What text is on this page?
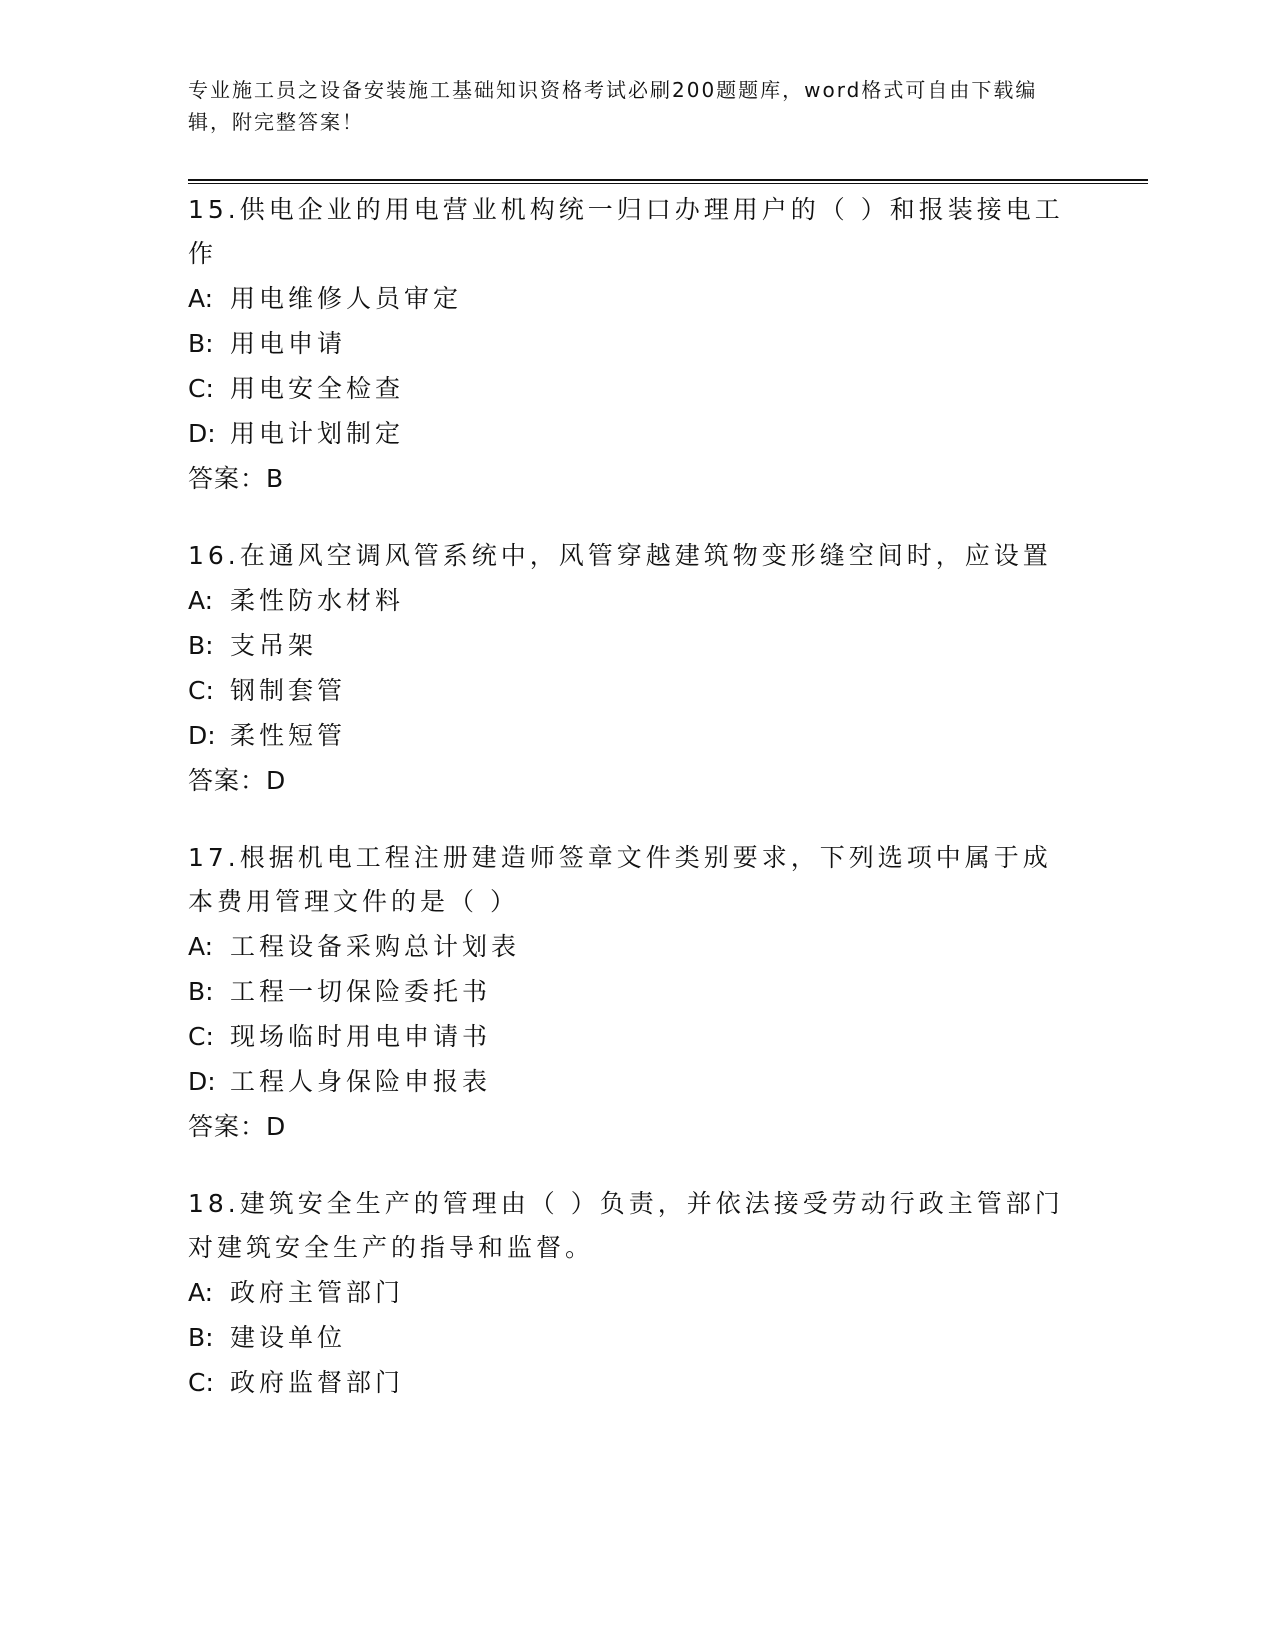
专业施工员之设备安装施工基础知识资格考试必刷200题题库，word格式可自由下载编辑，附完整答案！
15.供电企业的用电营业机构统一归口办理用户的（ ）和报装接电工作
A: 用电维修人员审定
B: 用电申请
C: 用电安全检查
D: 用电计划制定
答案：B
16.在通风空调风管系统中，风管穿越建筑物变形缝空间时，应设置
A: 柔性防水材料
B: 支吊架
C: 钢制套管
D: 柔性短管
答案：D
17.根据机电工程注册建造师签章文件类别要求，下列选项中属于成本费用管理文件的是（ ）
A: 工程设备采购总计划表
B: 工程一切保险委托书
C: 现场临时用电申请书
D: 工程人身保险申报表
答案：D
18.建筑安全生产的管理由（ ）负责，并依法接受劳动行政主管部门对建筑安全生产的指导和监督。
A: 政府主管部门
B: 建设单位
C: 政府监督部门
